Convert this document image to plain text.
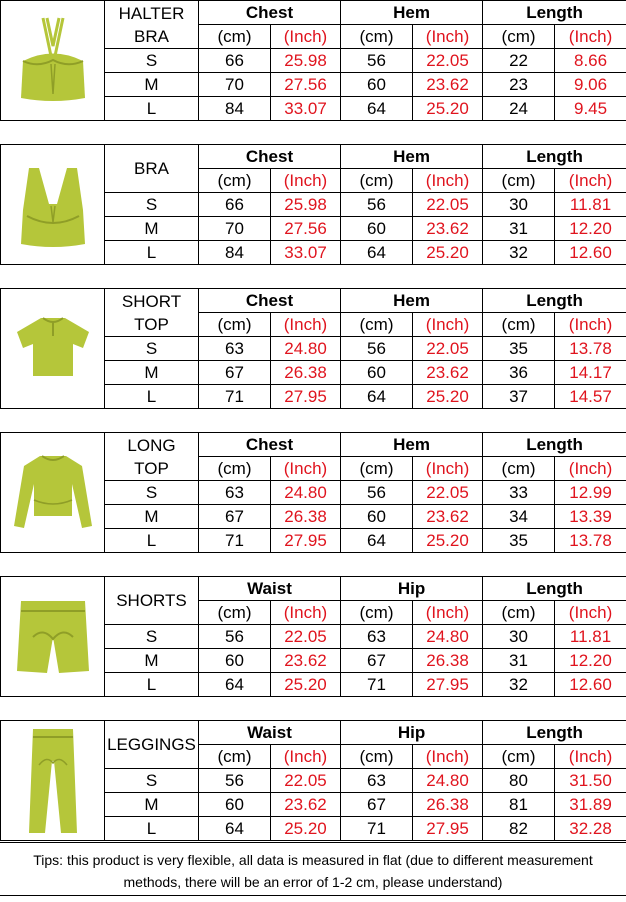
HALTER
BRA	Chest		Hem		Length	
		(cm)	(Inch)	(cm)	(Inch)	(cm)	(Inch)
	S	66	25.98	56	22.05	22	8.66
	M	70	27.56	60	23.62	23	9.06
	L	84	33.07	64	25.20	24	9.45

BRA	Chest		Hem		Length	
		(cm)	(Inch)	(cm)	(Inch)	(cm)	(Inch)
	S	66	25.98	56	22.05	30	11.81
	M	70	27.56	60	23.62	31	12.20
	L	84	33.07	64	25.20	32	12.60

SHORT
TOP	Chest		Hem		Length	
		(cm)	(Inch)	(cm)	(Inch)	(cm)	(Inch)
	S	63	24.80	56	22.05	35	13.78
	M	67	26.38	60	23.62	36	14.17
	L	71	27.95	64	25.20	37	14.57

LONG
TOP	Chest		Hem		Length	
		(cm)	(Inch)	(cm)	(Inch)	(cm)	(Inch)
	S	63	24.80	56	22.05	33	12.99
	M	67	26.38	60	23.62	34	13.39
	L	71	27.95	64	25.20	35	13.78

SHORTS	Waist		Hip		Length	
		(cm)	(Inch)	(cm)	(Inch)	(cm)	(Inch)
	S	56	22.05	63	24.80	30	11.81
	M	60	23.62	67	26.38	31	12.20
	L	64	25.20	71	27.95	32	12.60

LEGGINGS	Waist		Hip		Length	
		(cm)	(Inch)	(cm)	(Inch)	(cm)	(Inch)
	S	56	22.05	63	24.80	80	31.50
	M	60	23.62	67	26.38	81	31.89
	L	64	25.20	71	27.95	82	32.28
Tips: this product is very flexible, all data is measured in flat (due to different measurement
methods, there will be an error of 1-2 cm, please understand)
